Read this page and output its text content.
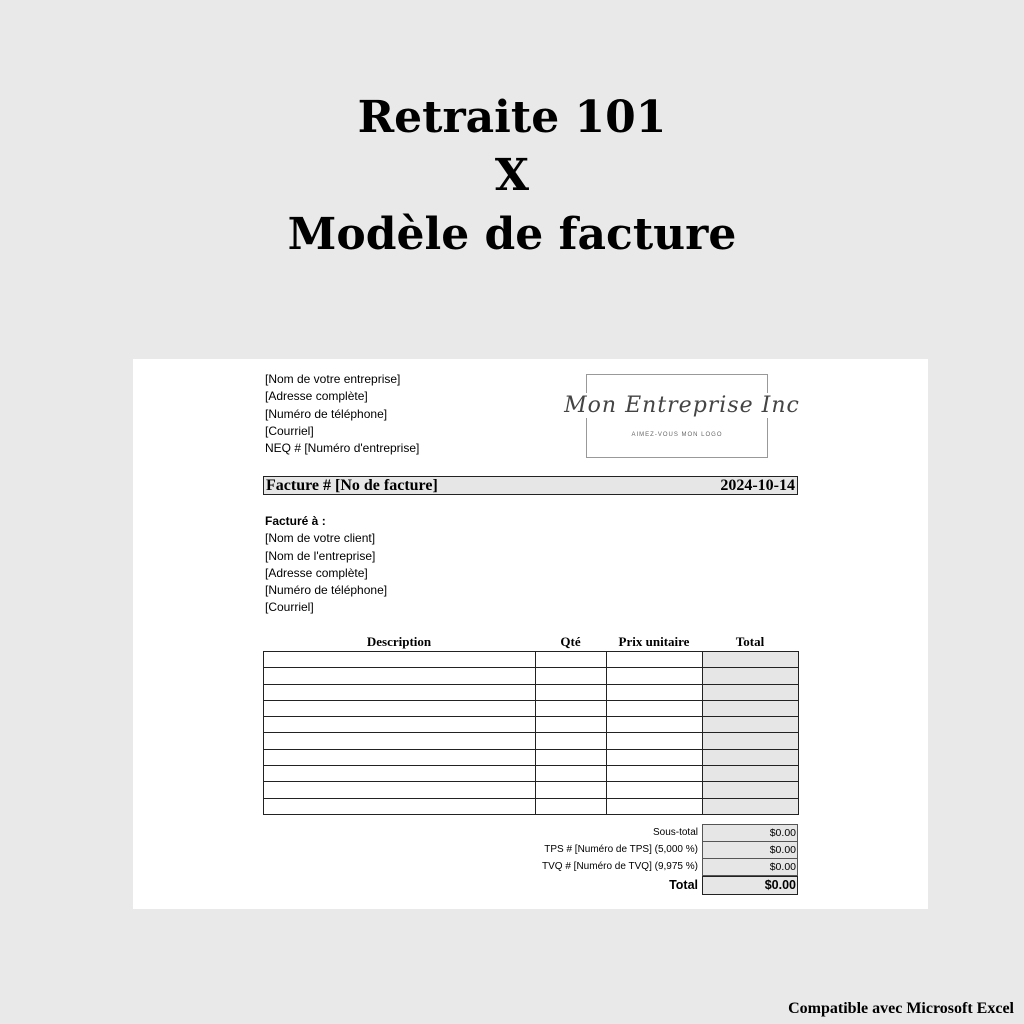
Retraite 101
X
Modèle de facture
[Nom de votre entreprise]
[Adresse complète]
[Numéro de téléphone]
[Courriel]
NEQ # [Numéro d'entreprise]
Mon Entreprise Inc
AIMEZ-VOUS MON LOGO
Facture # [No de facture]	2024-10-14
Facturé à :
[Nom de votre client]
[Nom de l'entreprise]
[Adresse complète]
[Numéro de téléphone]
[Courriel]
Description	Qté	Prix unitaire	Total

Sous-total	$0.00
TPS # [Numéro de TPS] (5,000 %)	$0.00
TVQ # [Numéro de TVQ] (9,975 %)	$0.00
Total	$0.00
Compatible avec Microsoft Excel
